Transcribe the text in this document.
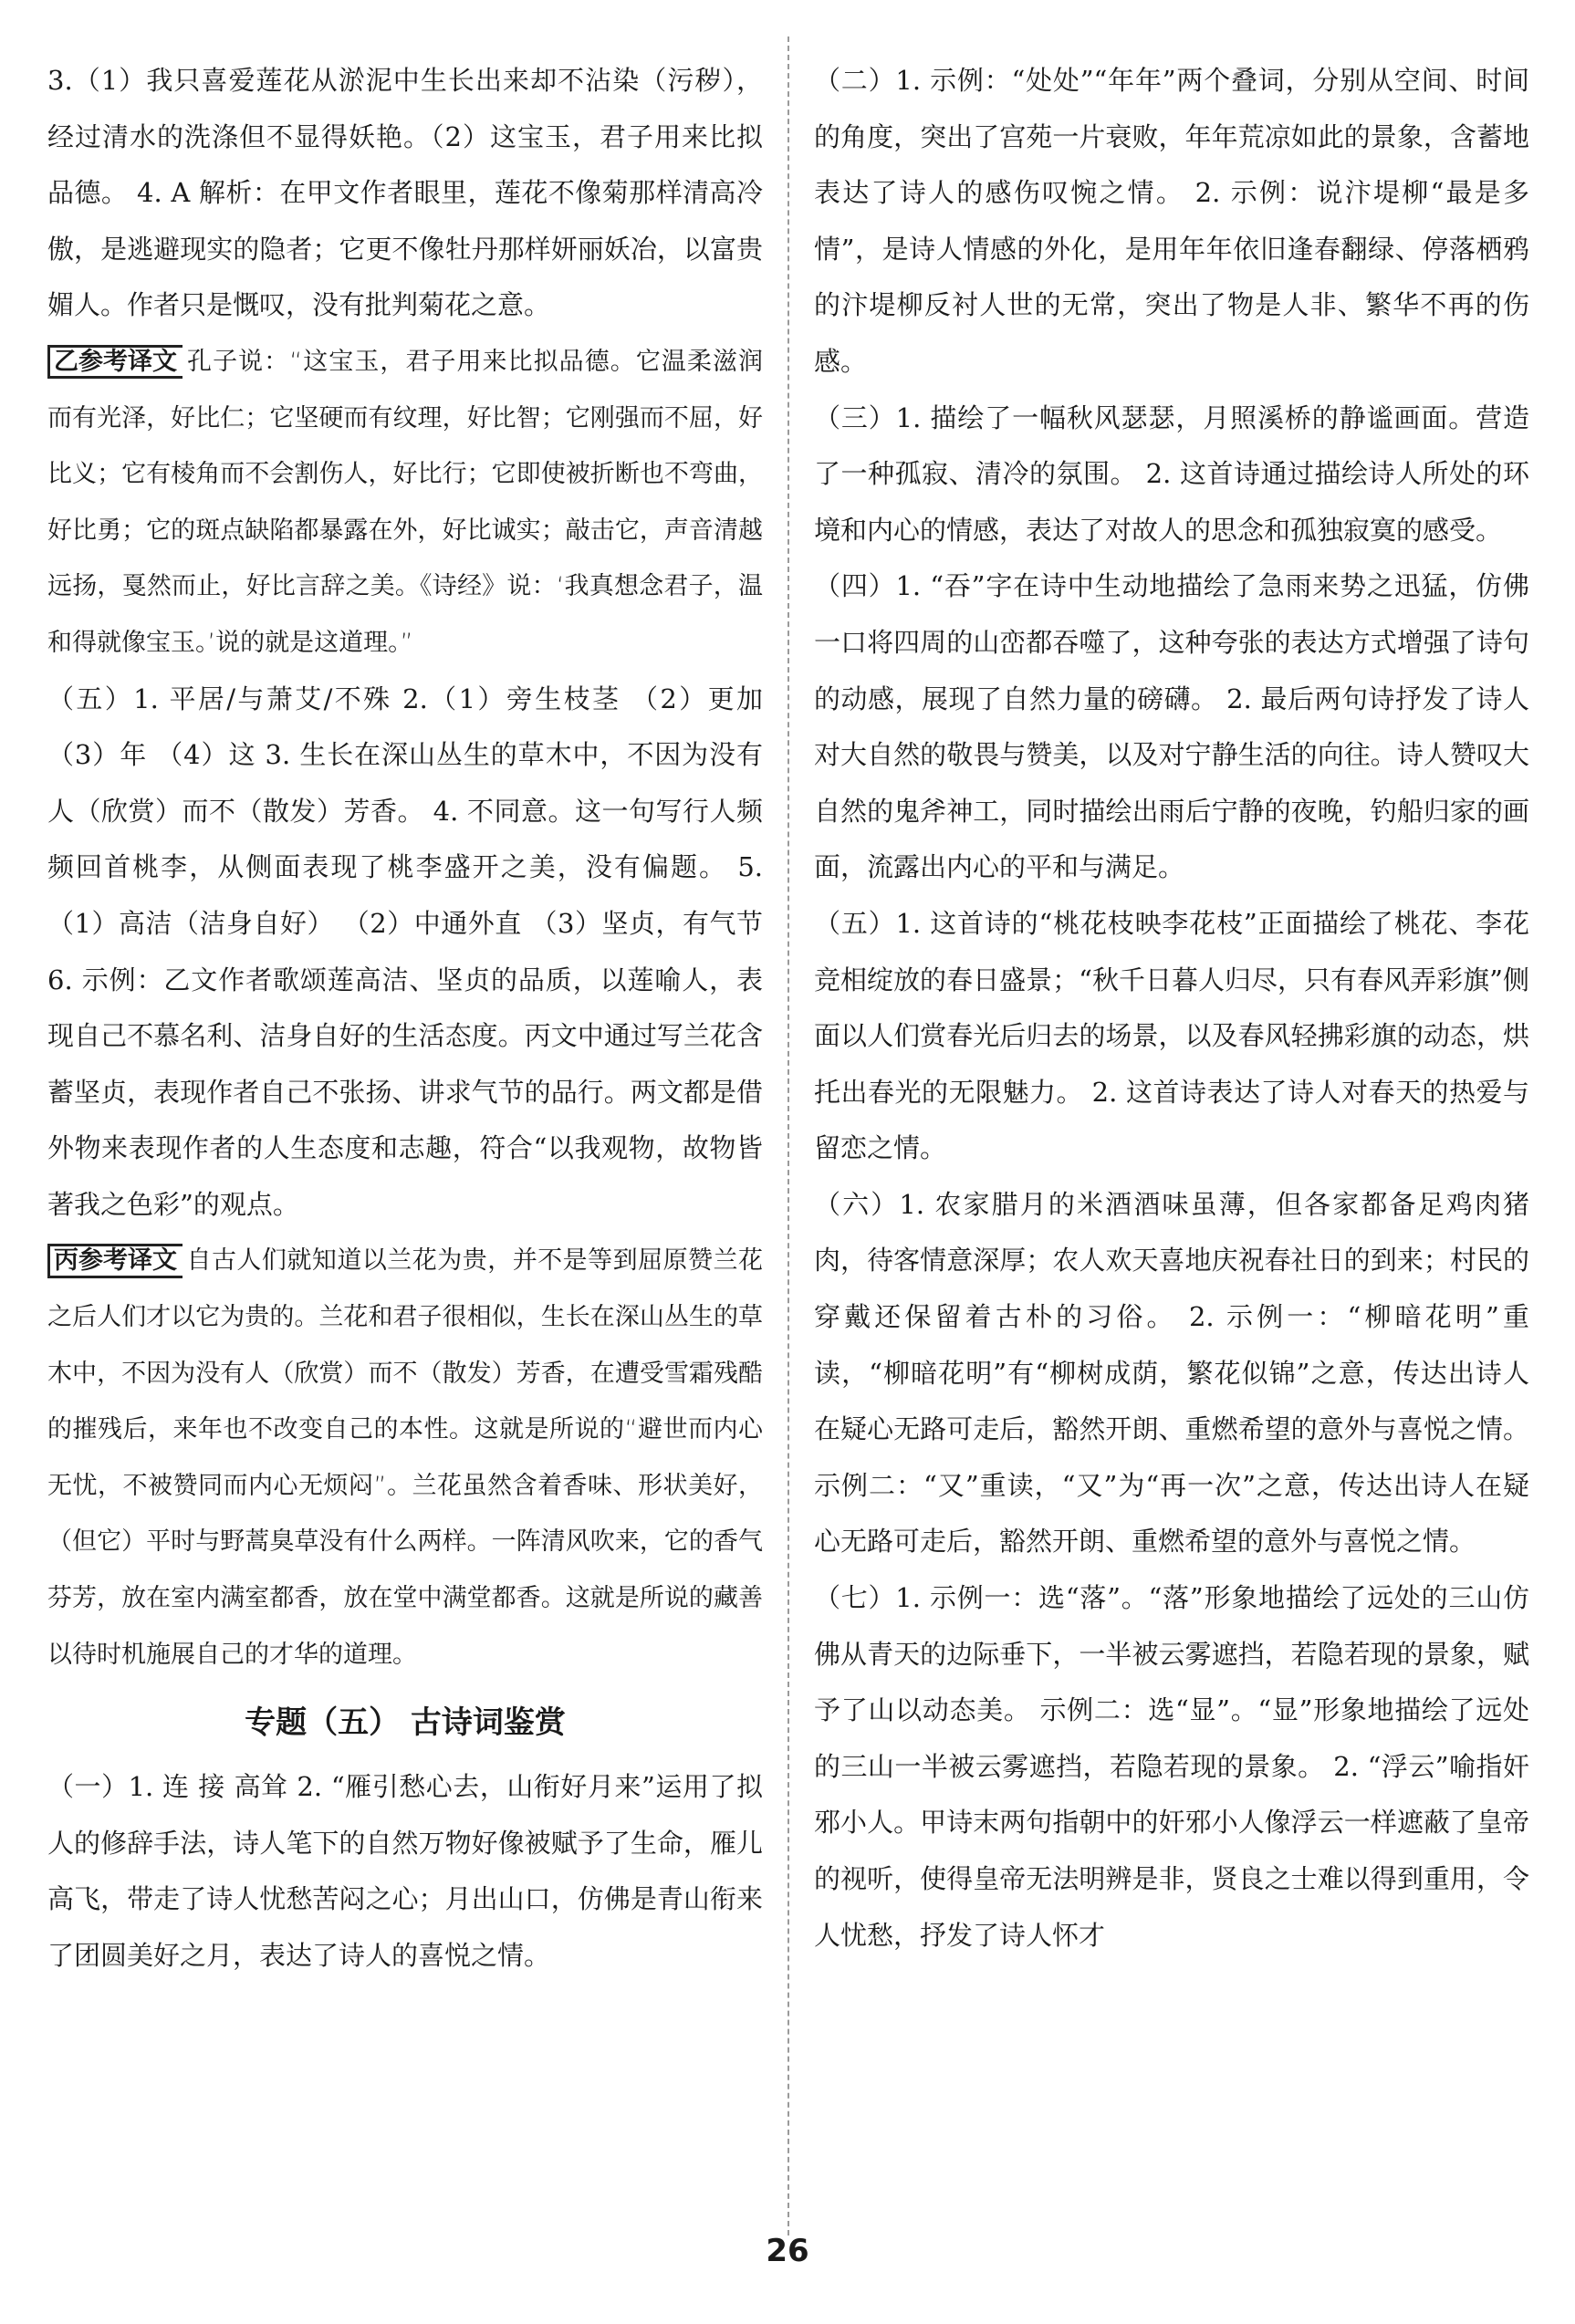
3.（1）我只喜爱莲花从淤泥中生长出来却不沾染（污秽），经过清水的洗涤但不显得妖艳。（2）这宝玉，君子用来比拟品德。 4. A 解析：在甲文作者眼里，莲花不像菊那样清高冷傲，是逃避现实的隐者；它更不像牡丹那样妍丽妖冶，以富贵媚人。作者只是慨叹，没有批判菊花之意。

乙参考译文 孔子说：“这宝玉，君子用来比拟品德。它温柔滋润而有光泽，好比仁；它坚硬而有纹理，好比智；它刚强而不屈，好比义；它有棱角而不会割伤人，好比行；它即使被折断也不弯曲，好比勇；它的斑点缺陷都暴露在外，好比诚实；敲击它，声音清越远扬，戛然而止，好比言辞之美。《诗经》说：‘我真想念君子，温和得就像宝玉。’说的就是这道理。”

（五）1. 平居/与萧艾/不殊 2.（1）旁生枝茎 （2）更加 （3）年 （4）这 3. 生长在深山丛生的草木中，不因为没有人（欣赏）而不（散发）芳香。 4. 不同意。这一句写行人频频回首桃李，从侧面表现了桃李盛开之美，没有偏题。 5.（1）高洁（洁身自好） （2）中通外直 （3）坚贞，有气节 6. 示例：乙文作者歌颂莲高洁、坚贞的品质，以莲喻人，表现自己不慕名利、洁身自好的生活态度。丙文中通过写兰花含蓄坚贞，表现作者自己不张扬、讲求气节的品行。两文都是借外物来表现作者的人生态度和志趣，符合“以我观物，故物皆著我之色彩”的观点。

丙参考译文 自古人们就知道以兰花为贵，并不是等到屈原赞兰花之后人们才以它为贵的。兰花和君子很相似，生长在深山丛生的草木中，不因为没有人（欣赏）而不（散发）芳香，在遭受雪霜残酷的摧残后，来年也不改变自己的本性。这就是所说的“避世而内心无忧，不被赞同而内心无烦闷”。兰花虽然含着香味、形状美好，（但它）平时与野蒿臭草没有什么两样。一阵清风吹来，它的香气芬芳，放在室内满室都香，放在堂中满堂都香。这就是所说的藏善以待时机施展自己的才华的道理。

专题（五） 古诗词鉴赏

（一）1. 连 接 高耸 2. “雁引愁心去，山衔好月来”运用了拟人的修辞手法，诗人笔下的自然万物好像被赋予了生命，雁儿高飞，带走了诗人忧愁苦闷之心；月出山口，仿佛是青山衔来了团圆美好之月，表达了诗人的喜悦之情。

（二）1. 示例：“处处”“年年”两个叠词，分别从空间、时间的角度，突出了宫苑一片衰败，年年荒凉如此的景象，含蓄地表达了诗人的感伤叹惋之情。 2. 示例：说汴堤柳“最是多情”，是诗人情感的外化，是用年年依旧逢春翻绿、停落栖鸦的汴堤柳反衬人世的无常，突出了物是人非、繁华不再的伤感。

（三）1. 描绘了一幅秋风瑟瑟，月照溪桥的静谧画面。营造了一种孤寂、清冷的氛围。 2. 这首诗通过描绘诗人所处的环境和内心的情感，表达了对故人的思念和孤独寂寞的感受。

（四）1. “吞”字在诗中生动地描绘了急雨来势之迅猛，仿佛一口将四周的山峦都吞噬了，这种夸张的表达方式增强了诗句的动感，展现了自然力量的磅礴。 2. 最后两句诗抒发了诗人对大自然的敬畏与赞美，以及对宁静生活的向往。诗人赞叹大自然的鬼斧神工，同时描绘出雨后宁静的夜晚，钓船归家的画面，流露出内心的平和与满足。

（五）1. 这首诗的“桃花枝映李花枝”正面描绘了桃花、李花竞相绽放的春日盛景；“秋千日暮人归尽，只有春风弄彩旗”侧面以人们赏春光后归去的场景，以及春风轻拂彩旗的动态，烘托出春光的无限魅力。 2. 这首诗表达了诗人对春天的热爱与留恋之情。

（六）1. 农家腊月的米酒酒味虽薄，但各家都备足鸡肉猪肉，待客情意深厚；农人欢天喜地庆祝春社日的到来；村民的穿戴还保留着古朴的习俗。 2. 示例一：“柳暗花明”重读，“柳暗花明”有“柳树成荫，繁花似锦”之意，传达出诗人在疑心无路可走后，豁然开朗、重燃希望的意外与喜悦之情。 示例二：“又”重读，“又”为“再一次”之意，传达出诗人在疑心无路可走后，豁然开朗、重燃希望的意外与喜悦之情。

（七）1. 示例一：选“落”。“落”形象地描绘了远处的三山仿佛从青天的边际垂下，一半被云雾遮挡，若隐若现的景象，赋予了山以动态美。 示例二：选“显”。“显”形象地描绘了远处的三山一半被云雾遮挡，若隐若现的景象。 2. “浮云”喻指奸邪小人。甲诗末两句指朝中的奸邪小人像浮云一样遮蔽了皇帝的视听，使得皇帝无法明辨是非，贤良之士难以得到重用，令人忧愁，抒发了诗人怀才

26
